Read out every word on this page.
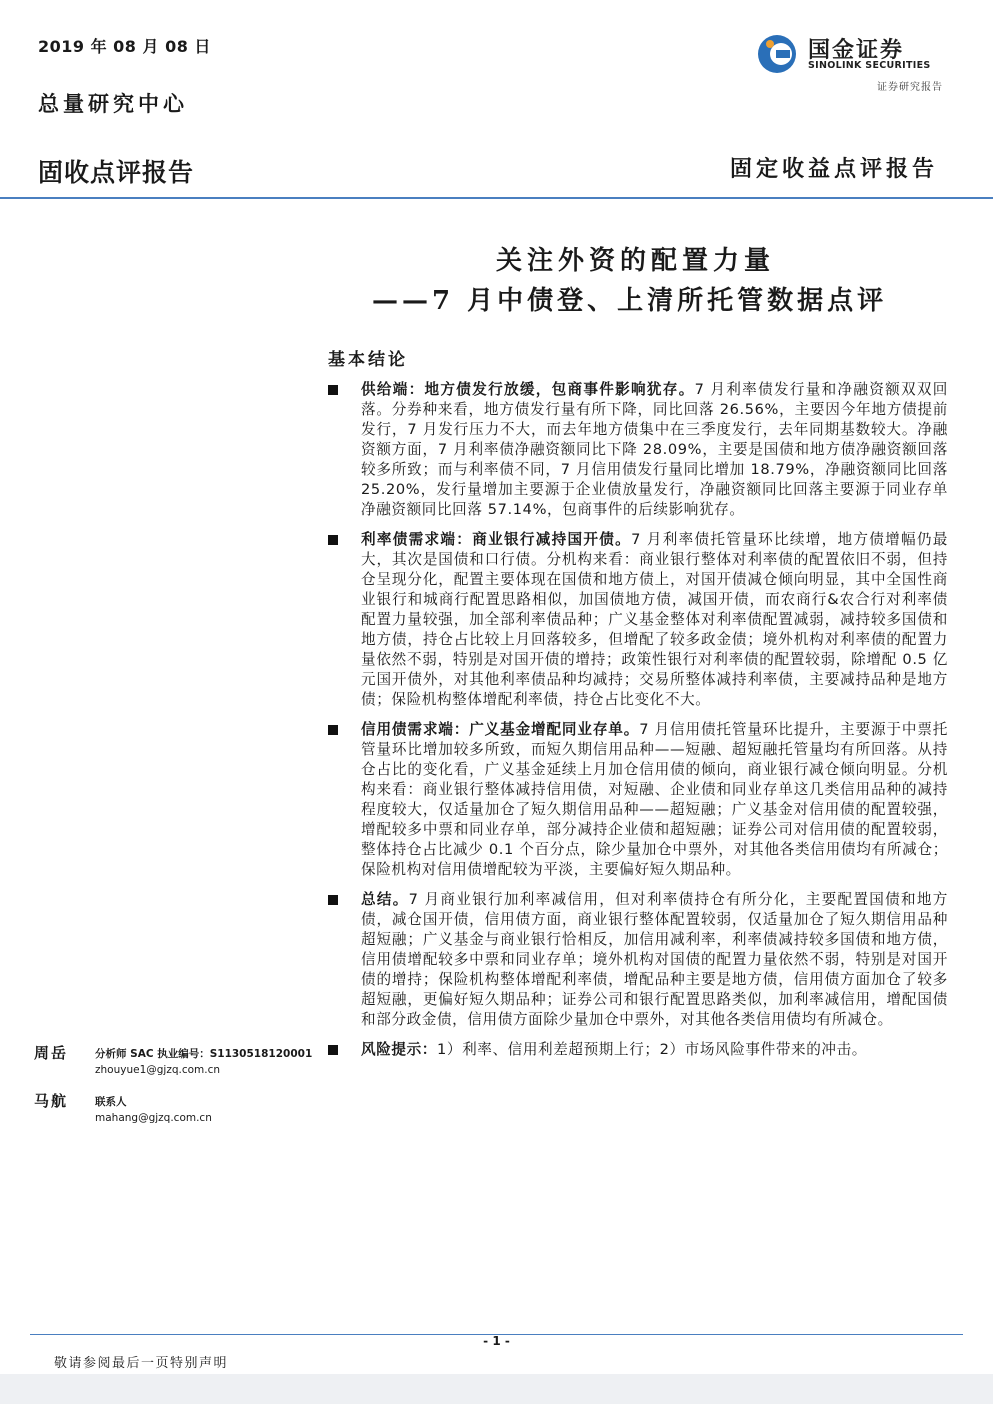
2019 年 08 月 08 日
总量研究中心
固收点评报告	固定收益点评报告
国金证券
SINOLINK SECURITIES
证券研究报告
关注外资的配置力量
——7 月中债登、上清所托管数据点评
基本结论
供给端：地方债发行放缓，包商事件影响犹存。7 月利率债发行量和净融资额双双回落。分券种来看，地方债发行量有所下降，同比回落 26.56%，主要因今年地方债提前发行，7 月发行压力不大，而去年地方债集中在三季度发行，去年同期基数较大。净融资额方面，7 月利率债净融资额同比下降 28.09%，主要是国债和地方债净融资额回落较多所致；而与利率债不同，7 月信用债发行量同比增加 18.79%，净融资额同比回落 25.20%，发行量增加主要源于企业债放量发行，净融资额同比回落主要源于同业存单净融资额同比回落 57.14%，包商事件的后续影响犹存。
利率债需求端：商业银行减持国开债。7 月利率债托管量环比续增，地方债增幅仍最大，其次是国债和口行债。分机构来看：商业银行整体对利率债的配置依旧不弱，但持仓呈现分化，配置主要体现在国债和地方债上，对国开债减仓倾向明显，其中全国性商业银行和城商行配置思路相似，加国债地方债，减国开债，而农商行&农合行对利率债配置力量较强，加全部利率债品种；广义基金整体对利率债配置减弱，减持较多国债和地方债，持仓占比较上月回落较多，但增配了较多政金债；境外机构对利率债的配置力量依然不弱，特别是对国开债的增持；政策性银行对利率债的配置较弱，除增配 0.5 亿元国开债外，对其他利率债品种均减持；交易所整体减持利率债，主要减持品种是地方债；保险机构整体增配利率债，持仓占比变化不大。
信用债需求端：广义基金增配同业存单。7 月信用债托管量环比提升，主要源于中票托管量环比增加较多所致，而短久期信用品种——短融、超短融托管量均有所回落。从持仓占比的变化看，广义基金延续上月加仓信用债的倾向，商业银行减仓倾向明显。分机构来看：商业银行整体减持信用债，对短融、企业债和同业存单这几类信用品种的减持程度较大，仅适量加仓了短久期信用品种——超短融；广义基金对信用债的配置较强，增配较多中票和同业存单，部分减持企业债和超短融；证券公司对信用债的配置较弱，整体持仓占比减少 0.1 个百分点，除少量加仓中票外，对其他各类信用债均有所减仓；保险机构对信用债增配较为平淡，主要偏好短久期品种。
总结。7 月商业银行加利率减信用，但对利率债持仓有所分化，主要配置国债和地方债，减仓国开债，信用债方面，商业银行整体配置较弱，仅适量加仓了短久期信用品种超短融；广义基金与商业银行恰相反，加信用减利率，利率债减持较多国债和地方债，信用债增配较多中票和同业存单；境外机构对国债的配置力量依然不弱，特别是对国开债的增持；保险机构整体增配利率债，增配品种主要是地方债，信用债方面加仓了较多超短融，更偏好短久期品种；证券公司和银行配置思路类似，加利率减信用，增配国债和部分政金债，信用债方面除少量加仓中票外，对其他各类信用债均有所减仓。
风险提示：1）利率、信用利差超预期上行；2）市场风险事件带来的冲击。
周岳	分析师 SAC 执业编号：S1130518120001
zhouyue1@gjzq.com.cn
马航	联系人
mahang@gjzq.com.cn
- 1 -
敬请参阅最后一页特别声明
